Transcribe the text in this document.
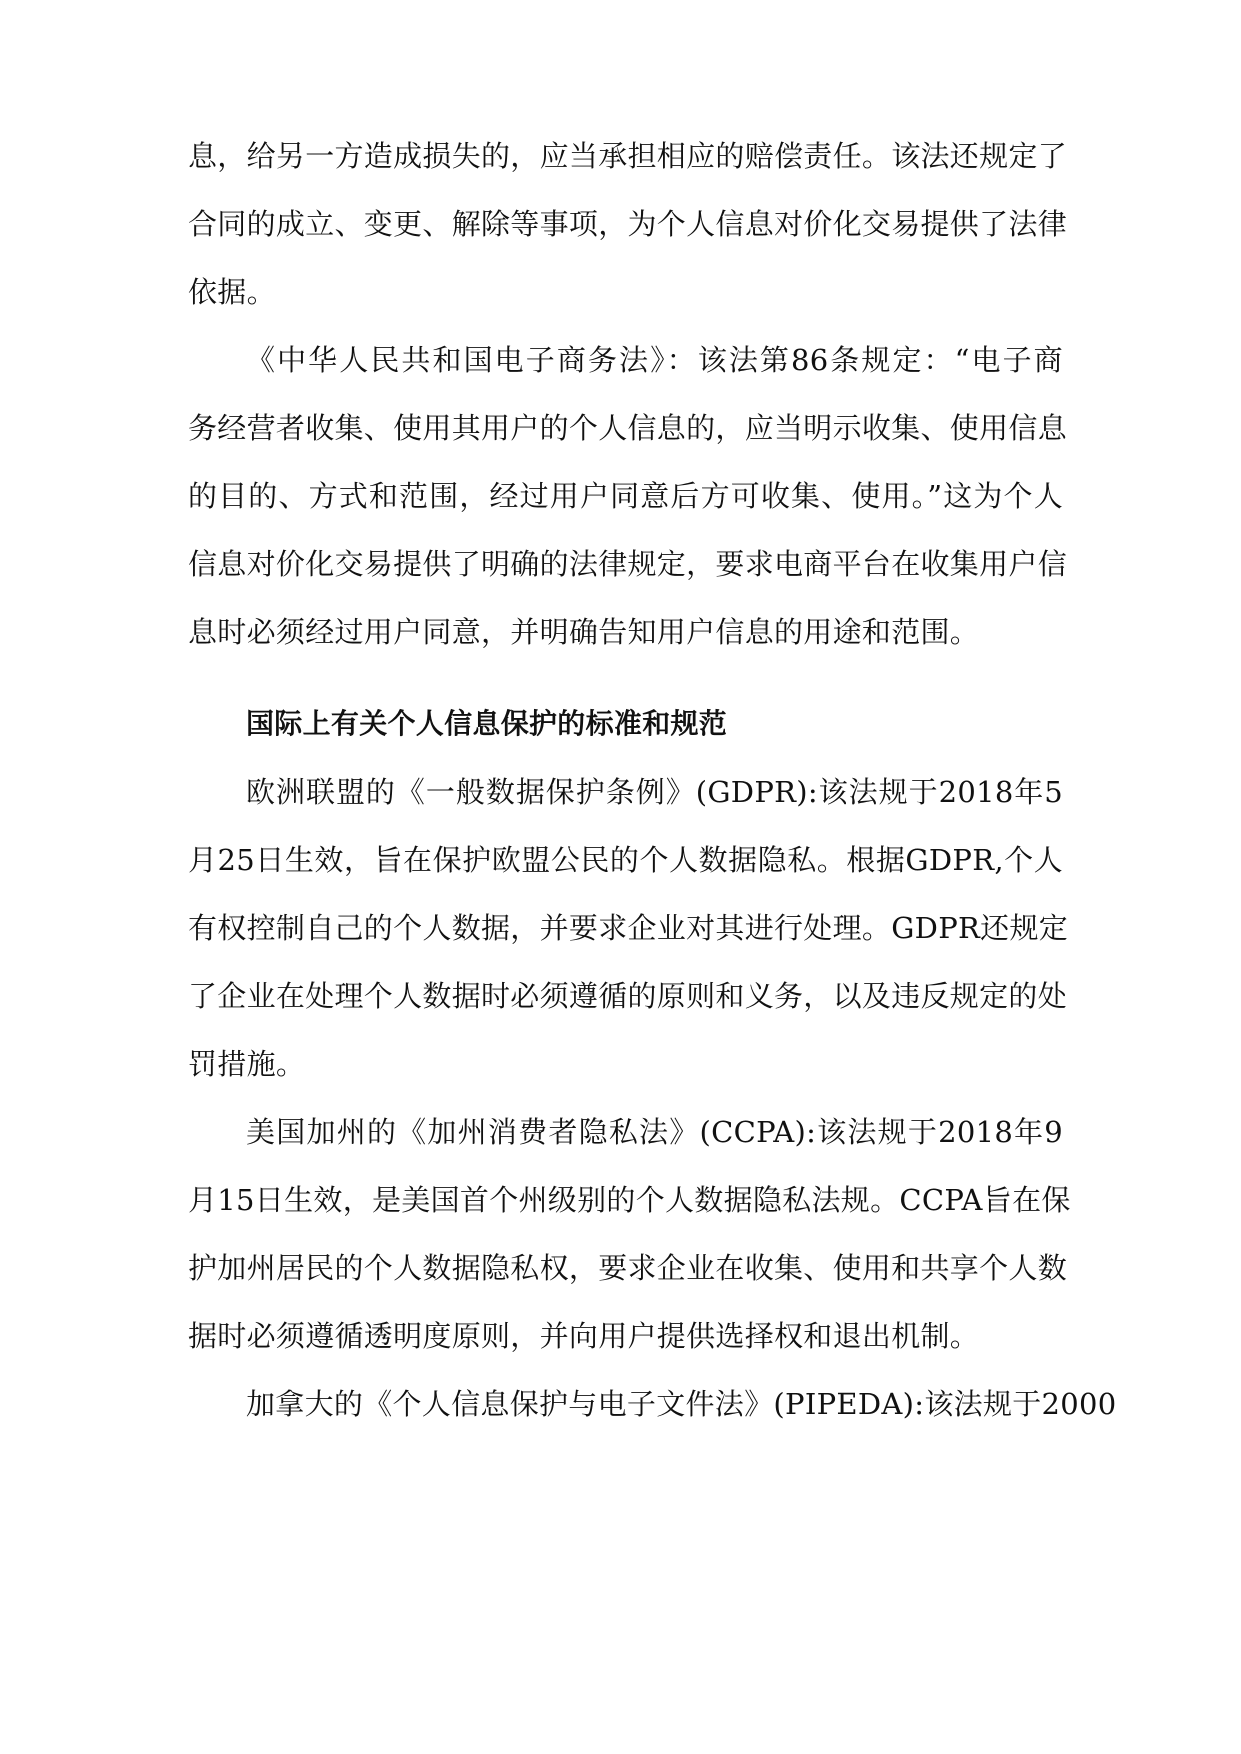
息，给另一方造成损失的，应当承担相应的赔偿责任。该法还规定了
合同的成立、变更、解除等事项，为个人信息对价化交易提供了法律
依据。
《中华人民共和国电子商务法》：该法第86条规定：“电子商
务经营者收集、使用其用户的个人信息的，应当明示收集、使用信息
的目的、方式和范围，经过用户同意后方可收集、使用。”这为个人
信息对价化交易提供了明确的法律规定，要求电商平台在收集用户信
息时必须经过用户同意，并明确告知用户信息的用途和范围。
国际上有关个人信息保护的标准和规范
欧洲联盟的《一般数据保护条例》(GDPR):该法规于2018年5
月25日生效，旨在保护欧盟公民的个人数据隐私。根据GDPR,个人
有权控制自己的个人数据，并要求企业对其进行处理。GDPR还规定
了企业在处理个人数据时必须遵循的原则和义务，以及违反规定的处
罚措施。
美国加州的《加州消费者隐私法》(CCPA):该法规于2018年9
月15日生效，是美国首个州级别的个人数据隐私法规。CCPA旨在保
护加州居民的个人数据隐私权，要求企业在收集、使用和共享个人数
据时必须遵循透明度原则，并向用户提供选择权和退出机制。
加拿大的《个人信息保护与电子文件法》(PIPEDA):该法规于2000
